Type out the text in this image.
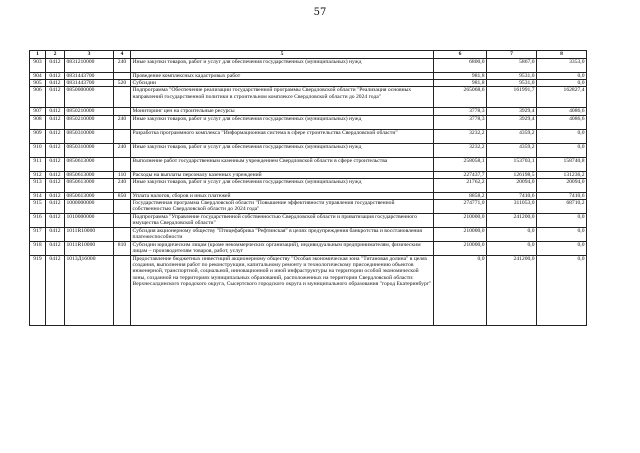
57
1	2	3	4	5	6	7	8
903	0412	0831210000	240	Иные закупки товаров, работ и услуг для обеспечения государственных (муниципальных) нужд	6800,0	5867,0	3353,0
904	0412	0831443700		Проведение комплексных кадастровых работ	981,8	9531,0	0,0
905	0412	0831443700	520	Субсидии	981,8	9531,0	0,0
906	0412	0850000000		Подпрограмма "Обеспечение реализации государственной программы Свердловской области "Реализация основных направлений государственной политики в строительном комплексе Свердловской области до 2024 года"	265068,6	161991,7	162827,4
907	0412	0850210000		Мониторинг цен на строительные ресурсы	3778,3	3929,4	4086,6
908	0412	0850210000	240	Иные закупки товаров, работ и услуг для обеспечения государственных (муниципальных) нужд	3778,3	3929,4	4086,6
909	0412	0850310000		Разработка программного комплекса "Информационная система в сфере строительства Свердловской области"	3232,2	4359,2	0,0
910	0412	0850310000	240	Иные закупки товаров, работ и услуг для обеспечения государственных (муниципальных) нужд	3232,2	4359,2	0,0
911	0412	0850613000		Выполнение работ государственным казенным учреждением Свердловской области в сфере строительства	258058,1	153703,1	158740,8
912	0412	0850613000	110	Расходы на выплаты персоналу казенных учреждений	227437,7	126198,5	131236,2
913	0412	0850613000	240	Иные закупки товаров, работ и услуг для обеспечения государственных (муниципальных) нужд	21762,2	20094,0	20094,0
914	0412	0850613000	850	Уплата налогов, сборов и иных платежей	8858,2	7410,6	7410,6
915	0412	1000000000		Государственная программа Свердловской области "Повышение эффективности управления государственной собственностью Свердловской области до 2024 года"	274771,0	311053,0	68710,2
916	0412	1010000000		Подпрограмма "Управление государственной собственностью Свердловской области и приватизация государственного имущества Свердловской области"	210000,0	241200,0	0,0
917	0412	1011R10000		Субсидия акционерному обществу "Птицефабрика "Рефтинская" в целях предупреждения банкротства и восстановления платежеспособности	210000,0	0,0	0,0
918	0412	1011R10000	810	Субсидии юридическим лицам (кроме некоммерческих организаций), индивидуальным предпринимателям, физическим лицам – производителям товаров, работ, услуг	210000,0	0,0	0,0
919	0412	1013Д16000		Предоставление бюджетных инвестиций акционерному обществу "Особая экономическая зона "Титановая долина" в целях создания, выполнения работ по реконструкции, капитальному ремонту и технологическому присоединению объектов инженерной, транспортной, социальной, инновационной и иной инфраструктуры на территории особой экономической зоны, созданной на территориях муниципальных образований, расположенных на территории Свердловской области: Верхнесалдинского городского округа, Сысертского городского округа и муниципального образования "город Екатеринбург"	0,0	241200,0	0,0
